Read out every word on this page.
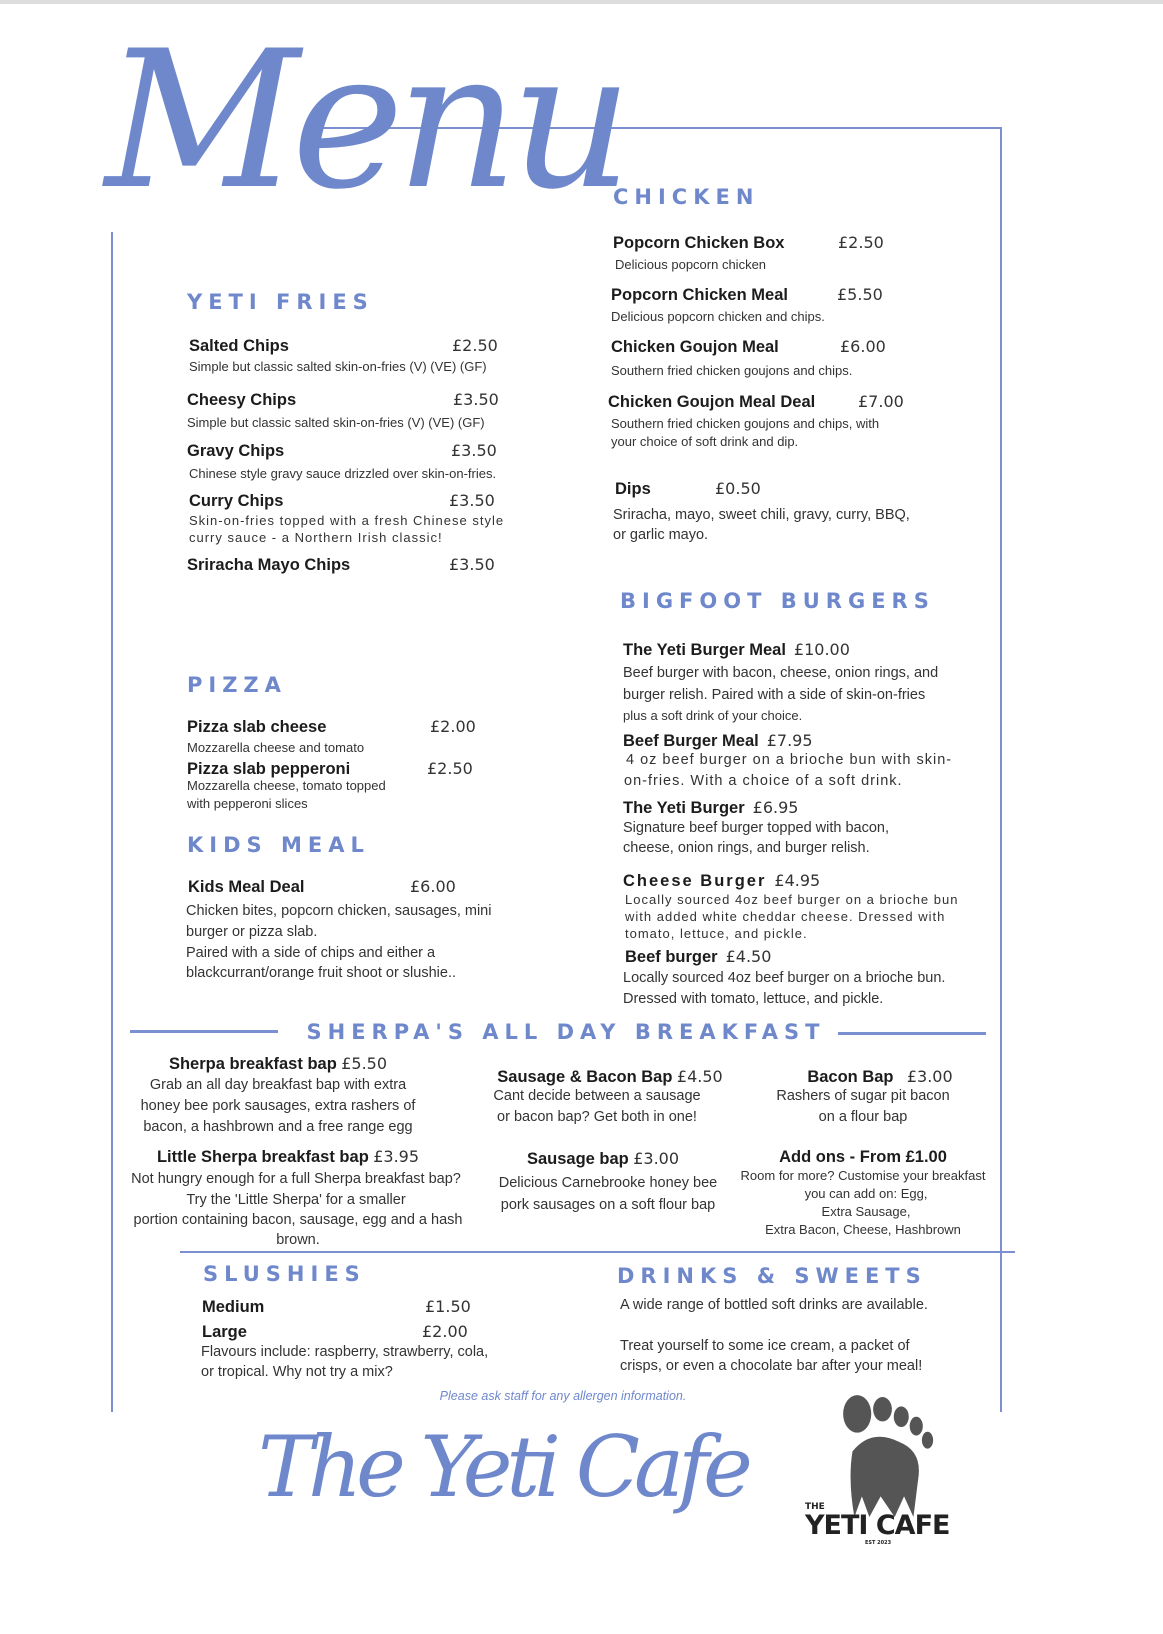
Menu
YETI FRIES
Salted Chips	£2.50
Simple but classic salted skin-on-fries (V) (VE) (GF)
Cheesy Chips	£3.50
Simple but classic salted skin-on-fries (V) (VE) (GF)
Gravy Chips	£3.50
Chinese style gravy sauce drizzled over skin-on-fries.
Curry Chips	£3.50
Skin-on-fries topped with a fresh Chinese style
curry sauce - a Northern Irish classic!
Sriracha Mayo Chips	£3.50
PIZZA
Pizza slab cheese	£2.00
Mozzarella cheese and tomato
Pizza slab pepperoni	£2.50
Mozzarella cheese, tomato topped
with pepperoni slices
KIDS MEAL
Kids Meal Deal	£6.00
Chicken bites, popcorn chicken, sausages, mini
burger or pizza slab.
Paired with a side of chips and either a
blackcurrant/orange fruit shoot or slushie..
CHICKEN
Popcorn Chicken Box	£2.50
Delicious popcorn chicken
Popcorn Chicken Meal	£5.50
Delicious popcorn chicken and chips.
Chicken Goujon Meal	£6.00
Southern fried chicken goujons and chips.
Chicken Goujon Meal Deal	£7.00
Southern fried chicken goujons and chips, with
your choice of soft drink and dip.
Dips	£0.50
Sriracha, mayo, sweet chili, gravy, curry, BBQ,
or garlic mayo.
BIGFOOT BURGERS
The Yeti Burger Meal £10.00
Beef burger with bacon, cheese, onion rings, and
burger relish. Paired with a side of skin-on-fries
plus a soft drink of your choice.
Beef Burger Meal £7.95
4 oz beef burger on a brioche bun with skin-
on-fries. With a choice of a soft drink.
The Yeti Burger £6.95
Signature beef burger topped with bacon,
cheese, onion rings, and burger relish.
Cheese Burger £4.95
Locally sourced 4oz beef burger on a brioche bun
with added white cheddar cheese. Dressed with
tomato, lettuce, and pickle.
Beef burger £4.50
Locally sourced 4oz beef burger on a brioche bun.
Dressed with tomato, lettuce, and pickle.
SHERPA'S ALL DAY BREAKFAST
Sherpa breakfast bap £5.50
Grab an all day breakfast bap with extra
honey bee pork sausages, extra rashers of
bacon, a hashbrown and a free range egg
Sausage & Bacon Bap £4.50
Cant decide between a sausage
or bacon bap? Get both in one!
Bacon Bap £3.00
Rashers of sugar pit bacon
on a flour bap
Little Sherpa breakfast bap £3.95
Not hungry enough for a full Sherpa breakfast bap?
Try the 'Little Sherpa' for a smaller
portion containing bacon, sausage, egg and a hash
brown.
Sausage bap £3.00
Delicious Carnebrooke honey bee
pork sausages on a soft flour bap
Add ons - From £1.00
Room for more? Customise your breakfast
you can add on: Egg,
Extra Sausage,
Extra Bacon, Cheese, Hashbrown
SLUSHIES
Medium	£1.50
Large	£2.00
Flavours include: raspberry, strawberry, cola,
or tropical. Why not try a mix?
DRINKS & SWEETS
A wide range of bottled soft drinks are available.
Treat yourself to some ice cream, a packet of
crisps, or even a chocolate bar after your meal!
Please ask staff for any allergen information.
The Yeti Cafe	THE
YETI CAFE
EST 2023
